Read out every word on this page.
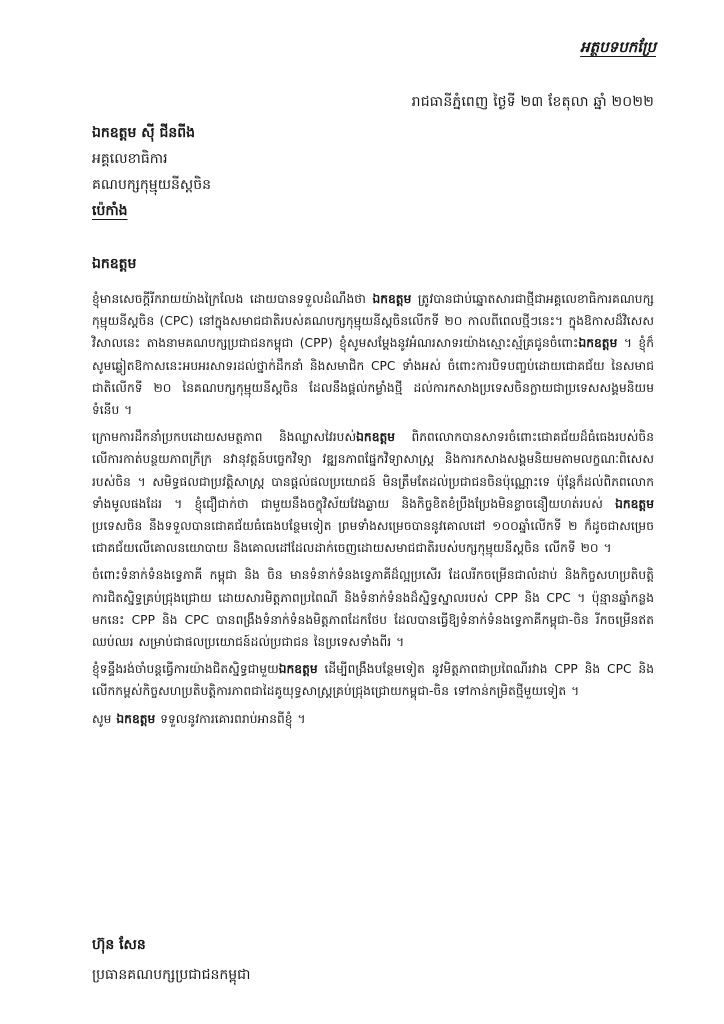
អត្ថបទបកប្រែ
រាជធានីភ្នំពេញ ថ្ងៃទី ២៣ ខែតុលា ឆ្នាំ ២០២២
ឯកឧត្តម ស៊ី ជីនពីង
អគ្គលេខាធិការ
គណបក្សកុម្មុយនីស្តចិន
ប៉េកាំង
ឯកឧត្តម

ខ្ញុំមានសេចក្តីរីករាយយ៉ាងក្រៃលែង ដោយបានទទួលដំណឹងថា ឯកឧត្តម ត្រូវបានជាប់ឆ្នោតសារជាថ្មីជាអគ្គលេខាធិការគណបក្សកុម្មុយនីស្តចិន (CPC) នៅក្នុងសមាជជាតិរបស់គណបក្សកុម្មុយនីស្តចិនលើកទី ២០ កាលពីពេលថ្មីៗនេះ។ ក្នុងឱកាសដ៏វិសេសវិសាលនេះ តាងនាមគណបក្សប្រជាជនកម្ពុជា (CPP) ខ្ញុំសូមសម្តែងនូវអំណរសាទរយ៉ាងស្មោះស្ម័គ្រជូនចំពោះឯកឧត្តម ។ ខ្ញុំក៏សូមឆ្លៀតឱកាសនេះអបអរសាទរដល់ថ្នាក់ដឹកនាំ និងសមាជិក CPC ទាំងអស់ ចំពោះការបិទបញ្ចប់ដោយជោគជ័យ នៃសមាជជាតិលើកទី ២០ នៃគណបក្សកុម្មុយនីស្តចិន ដែលនឹងផ្តល់កម្លាំងថ្មី ដល់ការកសាងប្រទេសចិនក្លាយជាប្រទេសសង្គមនិយមទំនើប ។

ក្រោមការដឹកនាំប្រកបដោយសមត្ថភាព និងឈ្លាសវៃរបស់ឯកឧត្តម ពិភពលោកបានសាទរចំពោះជោគជ័យដ៏ធំធេងរបស់ចិន លើការកាត់បន្ថយភាពក្រីក្រ នវានុវត្តន៍បច្ចេកវិទ្យា វឌ្ឍនភាពផ្នែកវិទ្យាសាស្ត្រ និងការកសាងសង្គមនិយមតាមលក្ខណៈពិសេសរបស់ចិន ។ សមិទ្ធផលជាប្រវត្តិសាស្ត្រ បានផ្តល់ផលប្រយោជន៍ មិនត្រឹមតែដល់ប្រជាជនចិនប៉ុណ្ណោះទេ ប៉ុន្តែក៏ដល់ពិភពលោកទាំងមូលផងដែរ ។ ខ្ញុំជឿជាក់ថា ជាមួយនឹងចក្ខុវិស័យវែងឆ្ងាយ និងកិច្ចខិតខំប្រឹងប្រែងមិនខ្លាចនឿយហត់របស់ ឯកឧត្តម ប្រទេសចិន នឹងទទួលបានជោគជ័យធំធេងបន្ថែមទៀត ព្រមទាំងសម្រេចបាននូវគោលដៅ ១០០ឆ្នាំលើកទី ២ ក៏ដូចជាសម្រេចជោគជ័យលើគោលនយោបាយ និងគោលដៅដែលដាក់ចេញដោយសមាជជាតិរបស់បក្សកុម្មុយនីស្តចិន លើកទី ២០ ។

ចំពោះទំនាក់ទំនងទ្វេភាគី កម្ពុជា និង ចិន មានទំនាក់ទំនងទ្វេភាគីដ៏ល្អប្រសើរ ដែលរីកចម្រើនជាលំដាប់ និងកិច្ចសហប្រតិបត្តិការជិតស្និទ្ធគ្រប់ជ្រុងជ្រោយ ដោយសារមិត្តភាពប្រពៃណី និងទំនាក់ទំនងដ៏ស្និទ្ធស្នាលរបស់ CPP និង CPC ។ ប៉ុន្មានឆ្នាំកន្លងមកនេះ CPP និង CPC បានពង្រឹងទំនាក់ទំនងមិត្តភាពដែកថែប ដែលបានធ្វើឱ្យទំនាក់ទំនងទ្វេភាគីកម្ពុជា-ចិន រីកចម្រើនឥតឈប់ឈរ សម្រាប់ជាផលប្រយោជន៍ដល់ប្រជាជន នៃប្រទេសទាំងពីរ ។

ខ្ញុំទន្ទឹងរង់ចាំបន្តធ្វើការយ៉ាងជិតស្និទ្ធជាមួយឯកឧត្តម ដើម្បីពង្រឹងបន្ថែមទៀត នូវមិត្តភាពជាប្រពៃណីរវាង CPP និង CPC និងលើកកម្ពស់កិច្ចសហប្រតិបត្តិការភាពជាដៃគូយុទ្ធសាស្ត្រគ្រប់ជ្រុងជ្រោយកម្ពុជា-ចិន ទៅកាន់កម្រិតថ្មីមួយទៀត ។

សូម ឯកឧត្តម ទទួលនូវការគោរពរាប់អានពីខ្ញុំ ។

ហ៊ុន សែន
ប្រធានគណបក្សប្រជាជនកម្ពុជា
